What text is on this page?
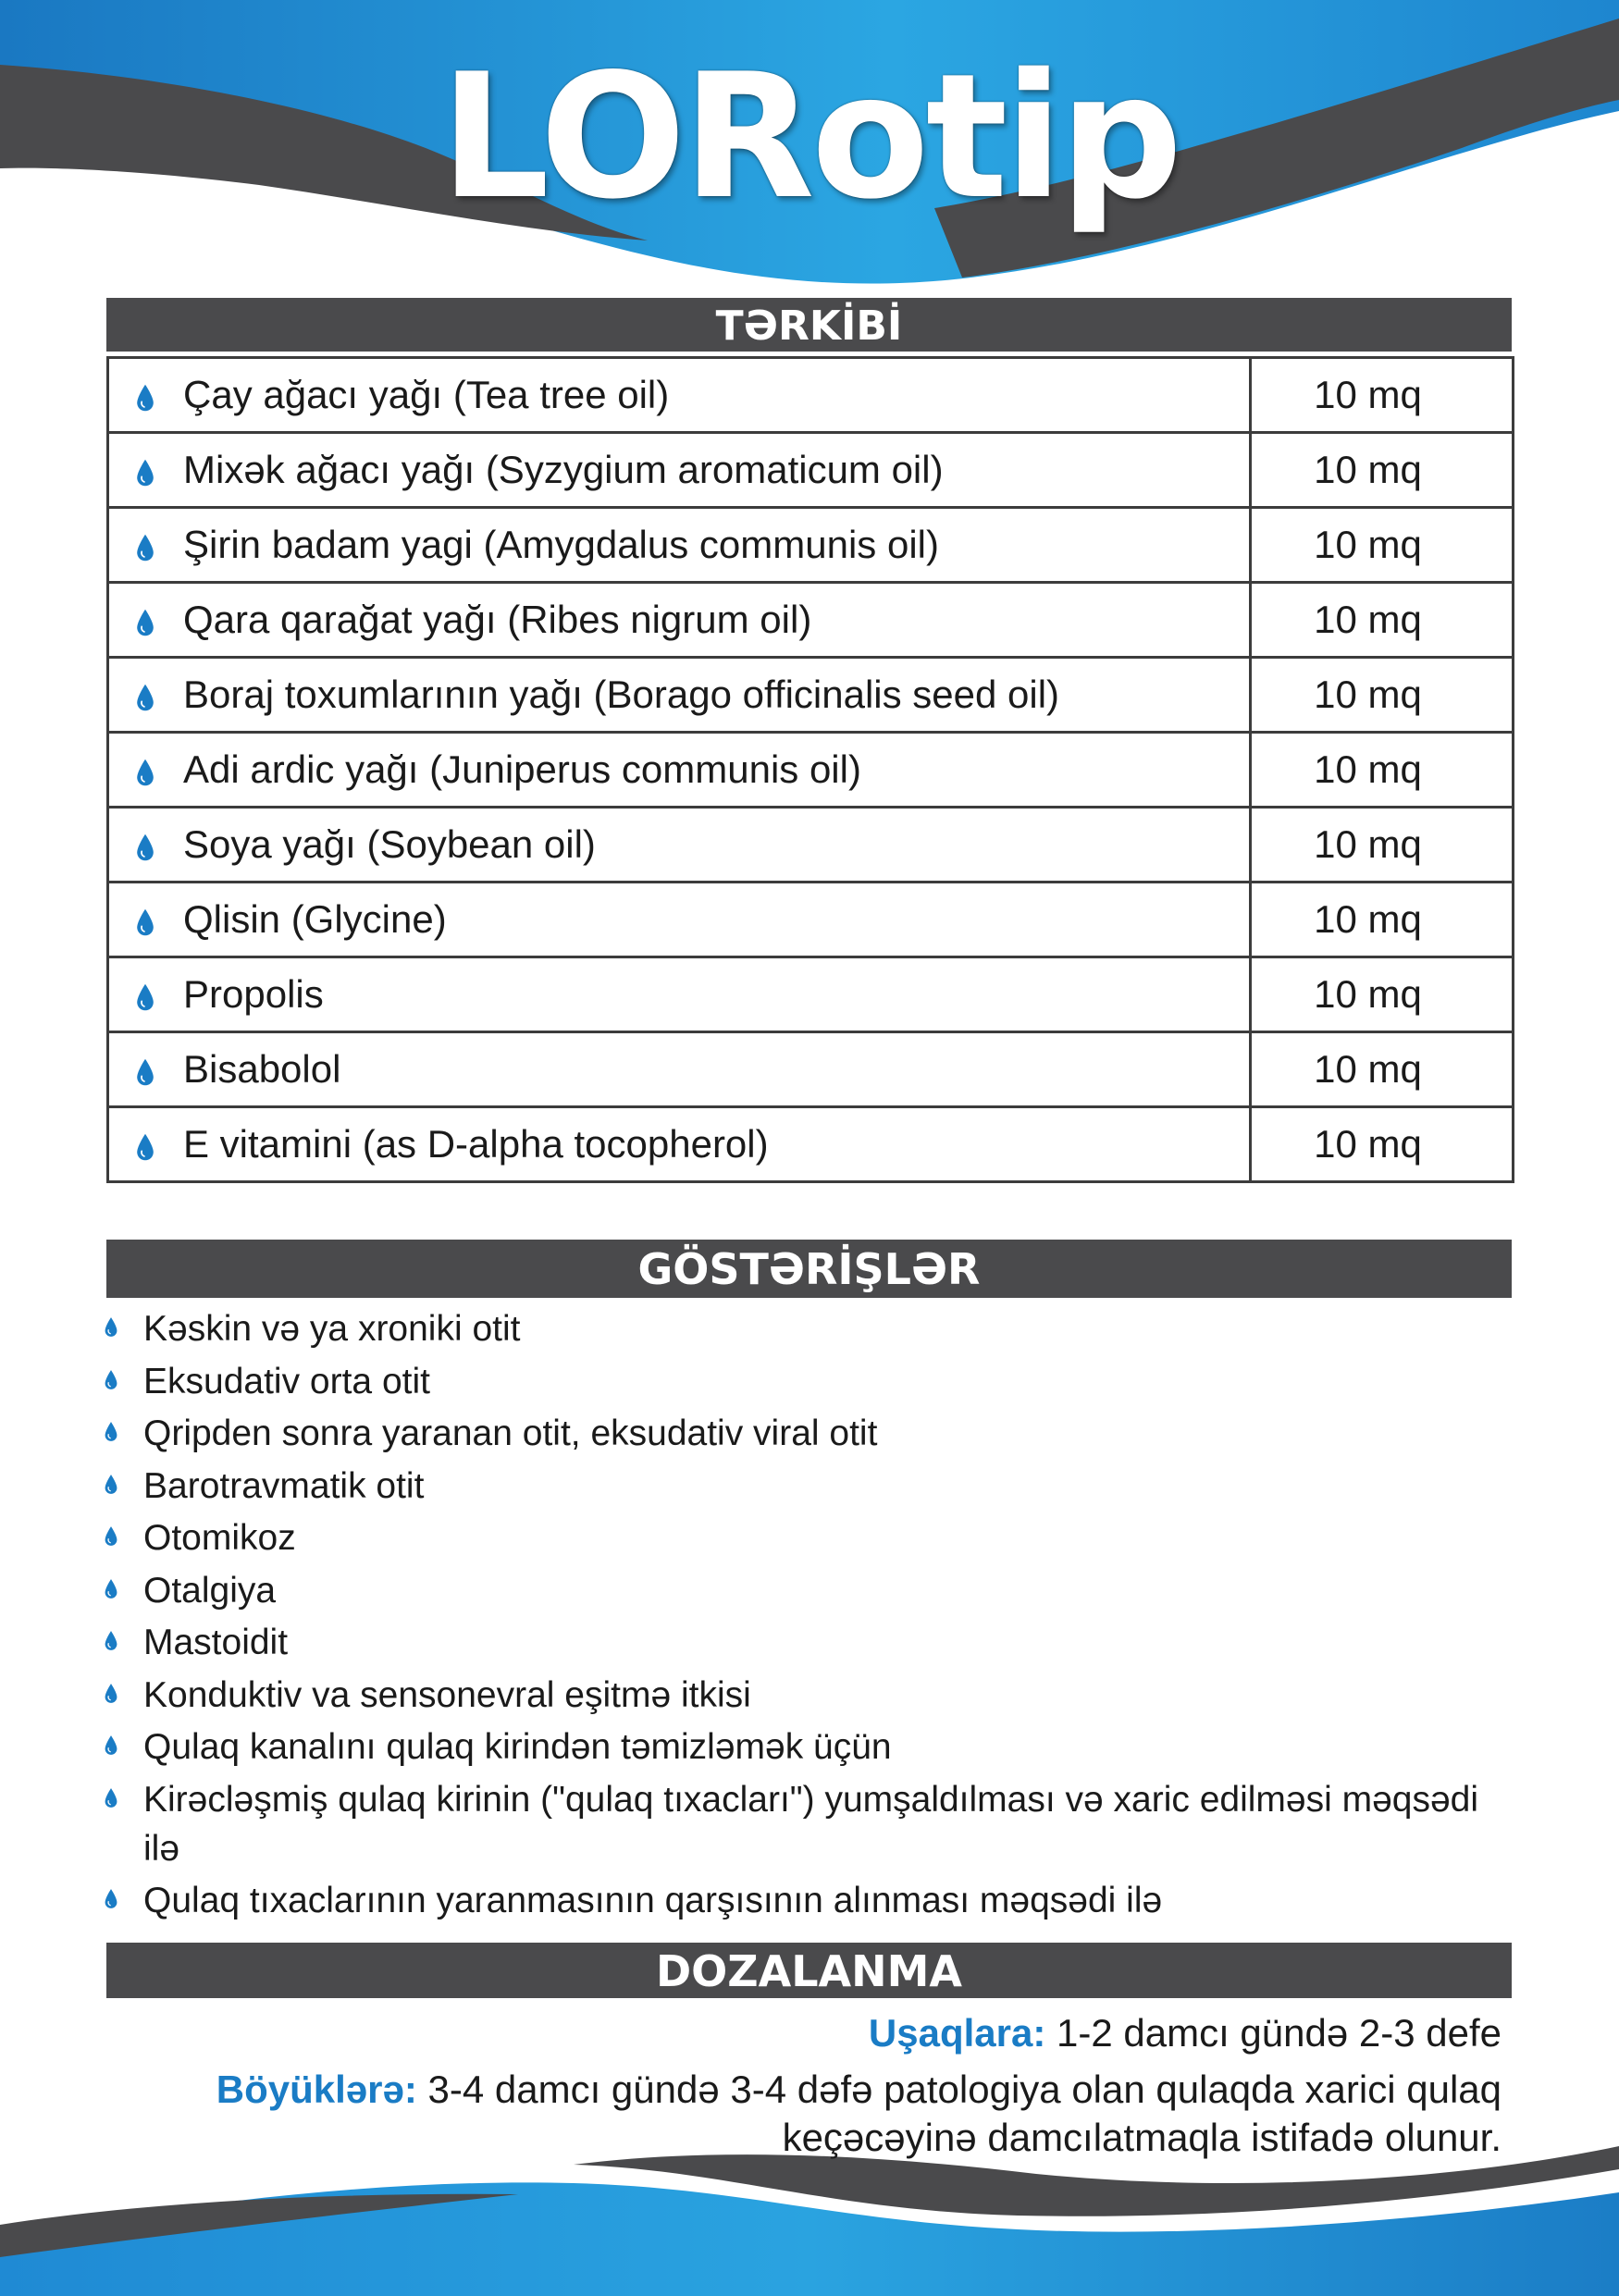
LORotip
TƏRKİBİ
Çay ağacı yağı (Tea tree oil)	10 mq

Mixək ağacı yağı (Syzygium aromaticum oil)	10 mq

Şirin badam yagi (Amygdalus communis oil)	10 mq

Qara qarağat yağı (Ribes nigrum oil)	10 mq

Boraj toxumlarının yağı (Borago officinalis seed oil)	10 mq

Adi ardic yağı (Juniperus communis oil)	10 mq

Soya yağı (Soybean oil)	10 mq

Qlisin (Glycine)	10 mq

Propolis	10 mq

Bisabolol	10 mq

E vitamini (as D-alpha tocopherol)	10 mq
GÖSTƏRİŞLƏR
Kəskin və ya xroniki otit
Eksudativ orta otit
Qripden sonra yaranan otit, eksudativ viral otit
Barotravmatik otit
Otomikoz
Otalgiya
Mastoidit
Konduktiv va sensonevral eşitmə itkisi
Qulaq kanalını qulaq kirindən təmizləmək üçün
Kirəcləşmiş qulaq kirinin ("qulaq tıxacları") yumşaldılması və xaric edilməsi məqsədi ilə
Qulaq tıxaclarının yaranmasının qarşısının alınması məqsədi ilə
DOZALANMA
Uşaqlara: 1-2 damcı gündə 2-3 defe
Böyüklərə: 3-4 damcı gündə 3-4 dəfə patologiya olan qulaqda xarici qulaq
keçəcəyinə damcılatmaqla istifadə olunur.
